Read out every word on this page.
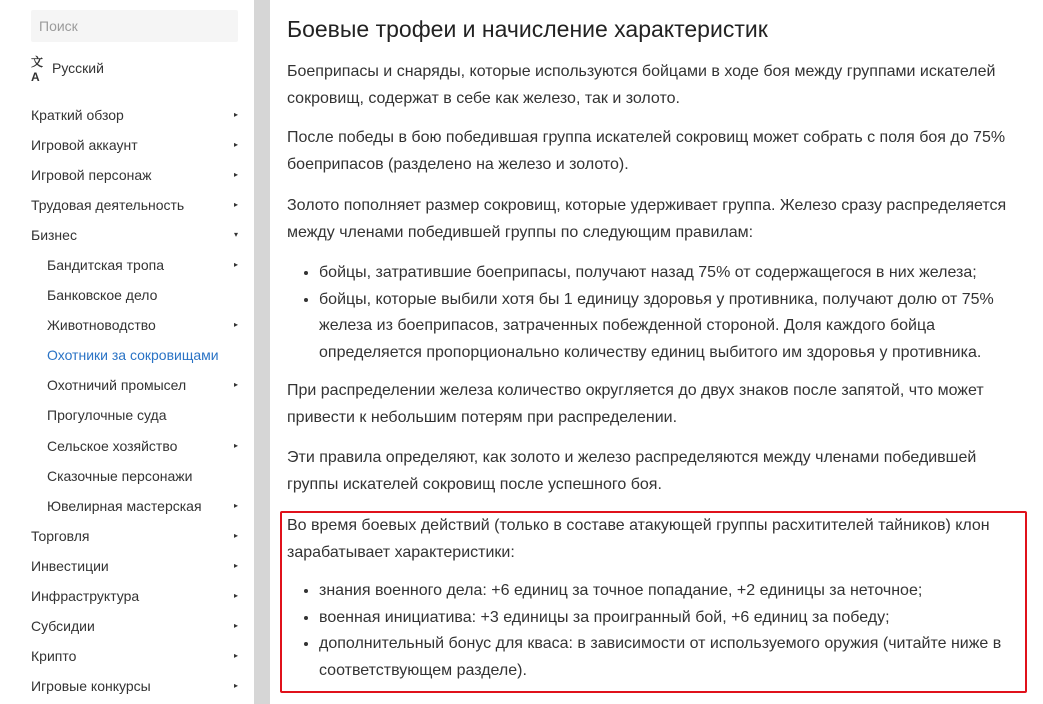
Поиск
文A
Русский
Краткий обзор	▸
Игровой аккаунт	▸
Игровой персонаж	▸
Трудовая деятельность	▸
Бизнес	▾
Бандитская тропа	▸
Банковское дело
Животноводство	▸
Охотники за сокровищами
Охотничий промысел	▸
Прогулочные суда
Сельское хозяйство	▸
Сказочные персонажи
Ювелирная мастерская	▸
Торговля	▸
Инвестиции	▸
Инфраструктура	▸
Субсидии	▸
Крипто	▸
Игровые конкурсы	▸
Боевые трофеи и начисление характеристик

Боеприпасы и снаряды, которые используются бойцами в ходе боя между группами искателей сокровищ, содержат в себе как железо, так и золото.

После победы в бою победившая группа искателей сокровищ может собрать с поля боя до 75% боеприпасов (разделено на железо и золото).

Золото пополняет размер сокровищ, которые удерживает группа. Железо сразу распределяется между членами победившей группы по следующим правилам:

• бойцы, затратившие боеприпасы, получают назад 75% от содержащегося в них железа;
• бойцы, которые выбили хотя бы 1 единицу здоровья у противника, получают долю от 75% железа из боеприпасов, затраченных побежденной стороной. Доля каждого бойца определяется пропорционально количеству единиц выбитого им здоровья у противника.

При распределении железа количество округляется до двух знаков после запятой, что может привести к небольшим потерям при распределении.

Эти правила определяют, как золото и железо распределяются между членами победившей группы искателей сокровищ после успешного боя.

Во время боевых действий (только в составе атакующей группы расхитителей тайников) клон зарабатывает характеристики:

• знания военного дела: +6 единиц за точное попадание, +2 единицы за неточное;
• военная инициатива: +3 единицы за проигранный бой, +6 единиц за победу;
• дополнительный бонус для кваса: в зависимости от используемого оружия (читайте ниже в соответствующем разделе).
